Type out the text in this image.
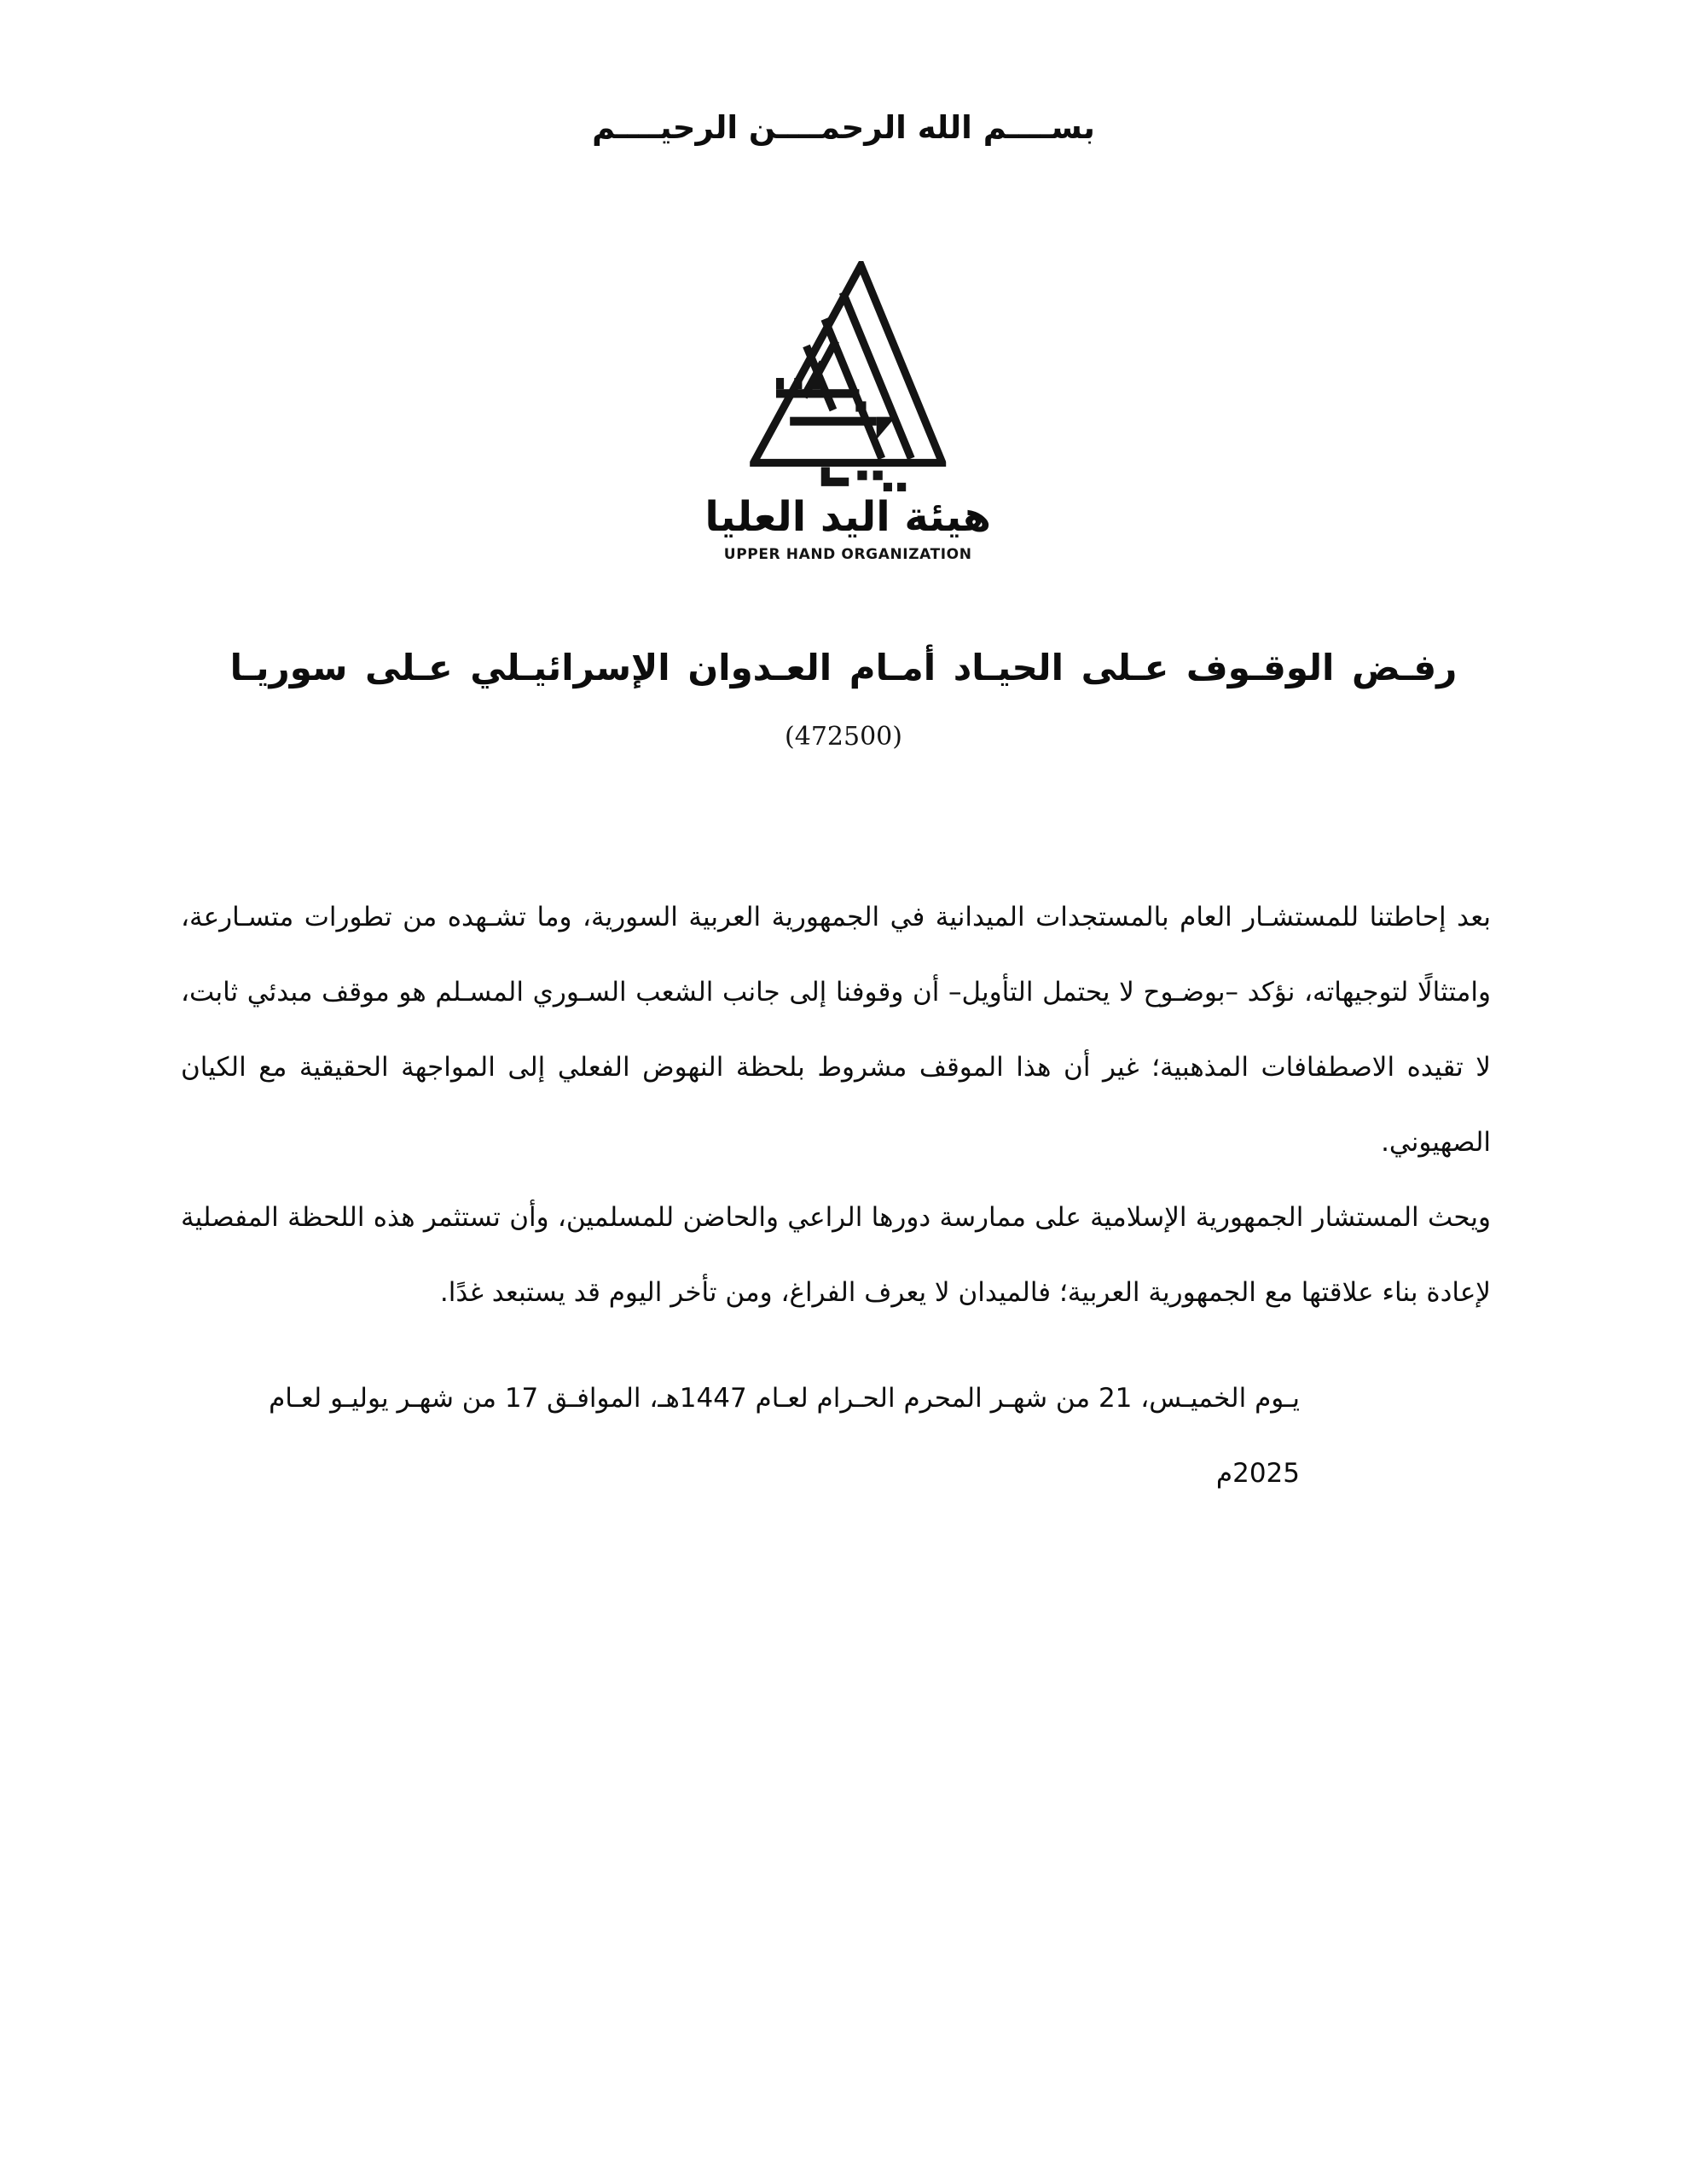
بســــم الله الرحمــــن الرحيــــم
هيئة اليد العليا
UPPER HAND ORGANIZATION
رفـض الوقـوف عـلى الحيـاد أمـام العـدوان الإسرائيـلي عـلى سوريـا
(472500)

بعد إحاطتنا للمستشـار العام بالمستجدات الميدانية في الجمهورية العربية السورية، وما تشـهده من تطورات متسـارعة، وامتثالًا لتوجيهاته، نؤكد –بوضـوح لا يحتمل التأويل– أن وقوفنا إلى جانب الشعب السـوري المسـلم هو موقف مبدئي ثابت، لا تقيده الاصطفافات المذهبية؛ غير أن هذا الموقف مشروط بلحظة النهوض الفعلي إلى المواجهة الحقيقية مع الكيان الصهيوني.

ويحث المستشار الجمهورية الإسلامية على ممارسة دورها الراعي والحاضن للمسلمين، وأن تستثمر هذه اللحظة المفصلية لإعادة بناء علاقتها مع الجمهورية العربية؛ فالميدان لا يعرف الفراغ، ومن تأخر اليوم قد يستبعد غدًا.

يـوم الخميـس، 21 من شهـر المحرم الحـرام لعـام 1447هـ، الموافـق 17 من شهـر يوليـو لعـام 2025م
